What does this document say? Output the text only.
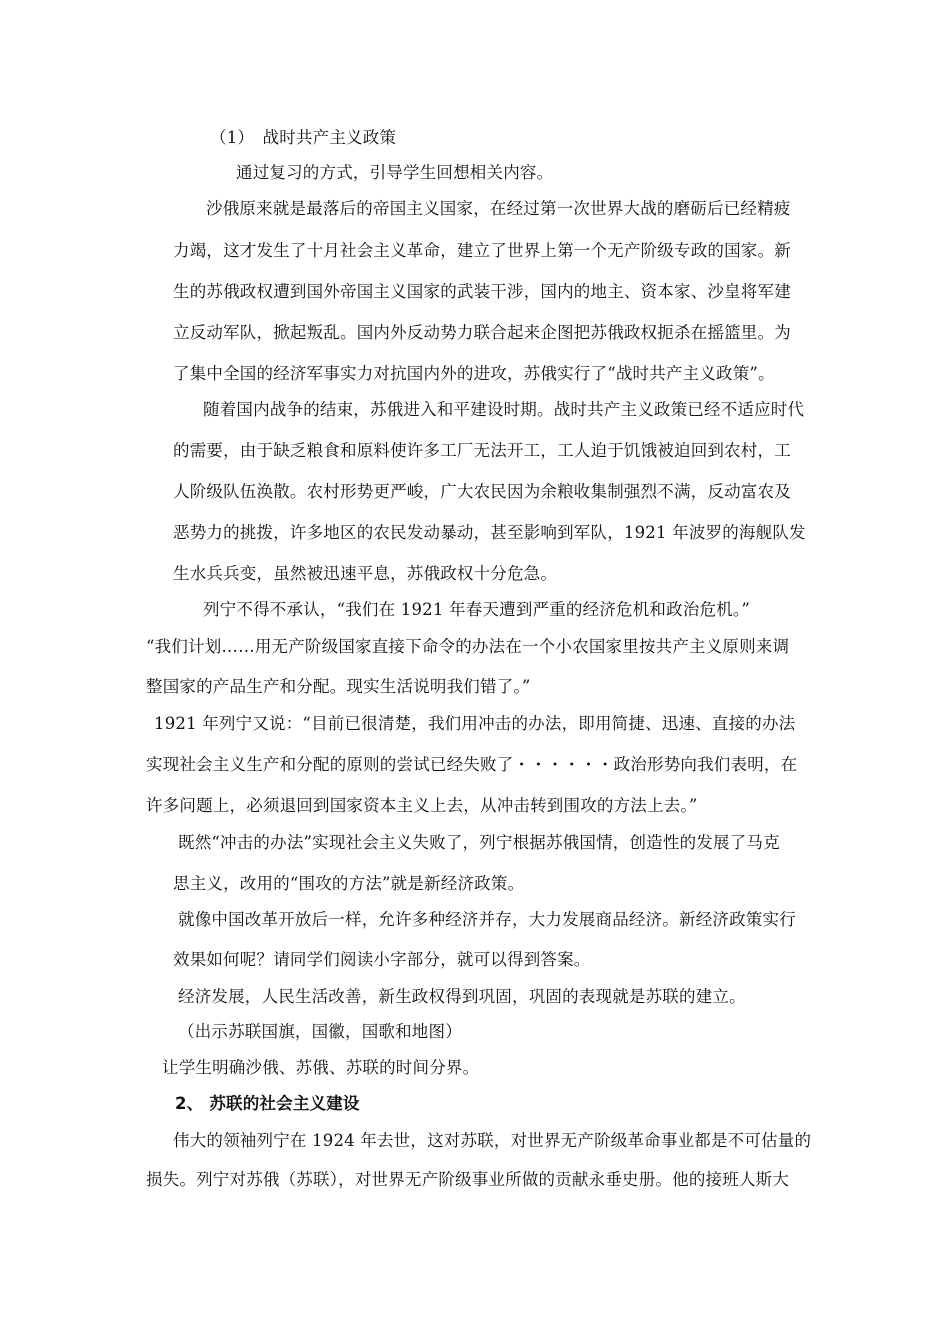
（1）　战时共产主义政策
通过复习的方式，引导学生回想相关内容。
沙俄原来就是最落后的帝国主义国家，在经过第一次世界大战的磨砺后已经精疲
力竭，这才发生了十月社会主义革命，建立了世界上第一个无产阶级专政的国家。新
生的苏俄政权遭到国外帝国主义国家的武装干涉，国内的地主、资本家、沙皇将军建
立反动军队，掀起叛乱。国内外反动势力联合起来企图把苏俄政权扼杀在摇篮里。为
了集中全国的经济军事实力对抗国内外的进攻，苏俄实行了“战时共产主义政策”。
随着国内战争的结束，苏俄进入和平建设时期。战时共产主义政策已经不适应时代
的需要，由于缺乏粮食和原料使许多工厂无法开工，工人迫于饥饿被迫回到农村，工
人阶级队伍涣散。农村形势更严峻，广大农民因为余粮收集制强烈不满，反动富农及
恶势力的挑拨，许多地区的农民发动暴动，甚至影响到军队，1921 年波罗的海舰队发
生水兵兵变，虽然被迅速平息，苏俄政权十分危急。
列宁不得不承认，“我们在 1921 年春天遭到严重的经济危机和政治危机。”
“我们计划……用无产阶级国家直接下命令的办法在一个小农国家里按共产主义原则来调
整国家的产品生产和分配。现实生活说明我们错了。”
1921 年列宁又说：“目前已很清楚，我们用冲击的办法，即用简捷、迅速、直接的办法
实现社会主义生产和分配的原则的尝试已经失败了・・・・・・政治形势向我们表明，在
许多问题上，必须退回到国家资本主义上去，从冲击转到围攻的方法上去。”
既然“冲击的办法”实现社会主义失败了，列宁根据苏俄国情，创造性的发展了马克
思主义，改用的“围攻的方法”就是新经济政策。
就像中国改革开放后一样，允许多种经济并存，大力发展商品经济。新经济政策实行
效果如何呢？请同学们阅读小字部分，就可以得到答案。
经济发展，人民生活改善，新生政权得到巩固，巩固的表现就是苏联的建立。
（出示苏联国旗，国徽，国歌和地图）
让学生明确沙俄、苏俄、苏联的时间分界。
2、 苏联的社会主义建设
伟大的领袖列宁在 1924 年去世，这对苏联，对世界无产阶级革命事业都是不可估量的
损失。列宁对苏俄（苏联），对世界无产阶级事业所做的贡献永垂史册。他的接班人斯大
